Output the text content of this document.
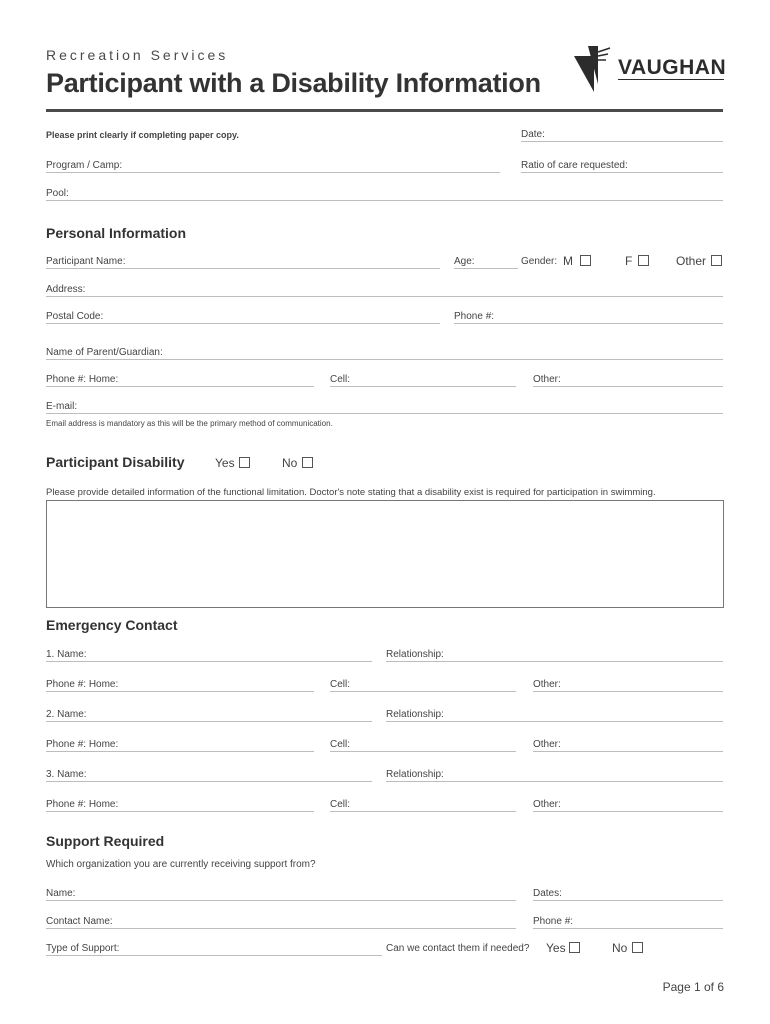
Recreation Services
Participant with a Disability Information
VAUGHAN
Please print clearly if completing paper copy.	Date:
Program / Camp:	Ratio of care requested:
Pool:
Personal Information
Participant Name:	Age:	Gender: M	F	Other
Address:
Postal Code:	Phone #:
Name of Parent/Guardian:
Phone #: Home:	Cell:	Other:
E-mail:
Email address is mandatory as this will be the primary method of communication.
Participant Disability	Yes	No
Please provide detailed information of the functional limitation. Doctor's note stating that a disability exist is required for participation in swimming.
Emergency Contact
1. Name:	Relationship:
Phone #: Home:	Cell:	Other:
2. Name:	Relationship:
Phone #: Home:	Cell:	Other:
3. Name:	Relationship:
Phone #: Home:	Cell:	Other:
Support Required
Which organization you are currently receiving support from?
Name:	Dates:
Contact Name:	Phone #:
Type of Support:	Can we contact them if needed? Yes	No
Page 1 of 6
